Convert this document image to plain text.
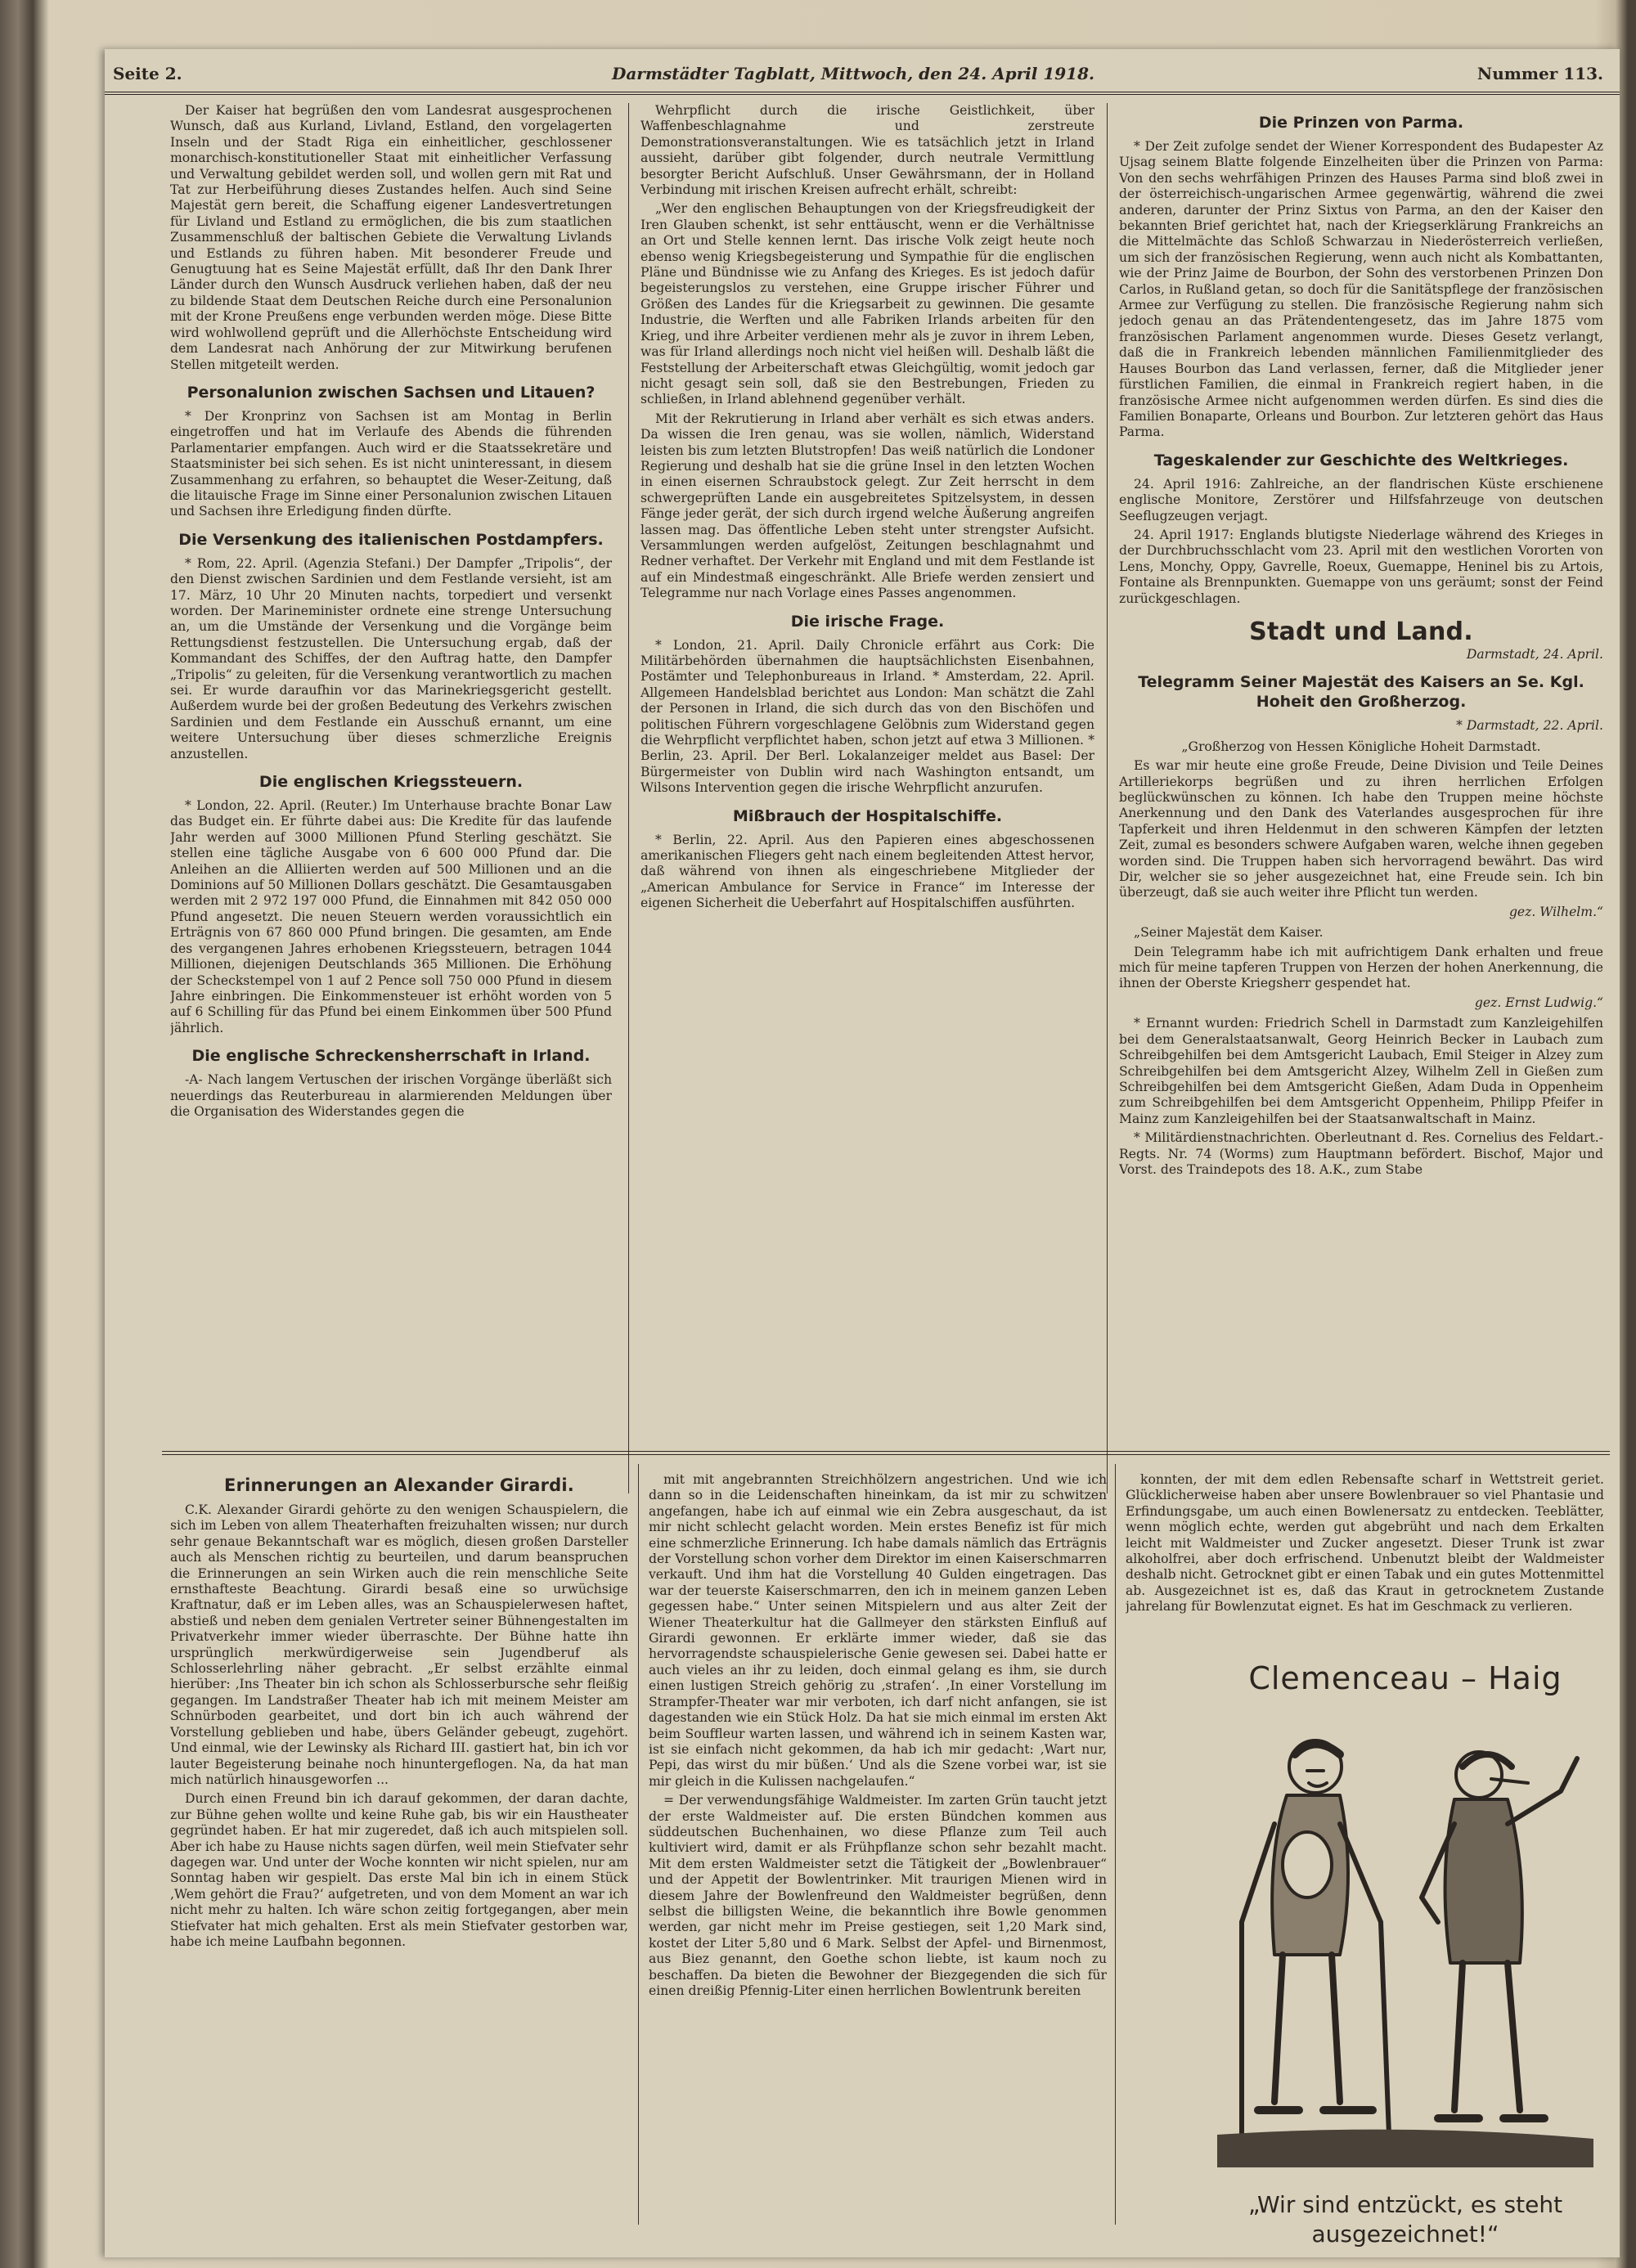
Seite 2.	Darmstädter Tagblatt, Mittwoch, den 24. April 1918.	Nummer 113.

Der Kaiser hat begrüßen den vom Landesrat ausgesprochenen Wunsch, daß aus Kurland, Livland, Estland, den vorgelagerten Inseln und der Stadt Riga ein einheitlicher, geschlossener monarchisch-konstitutioneller Staat mit einheitlicher Verfassung und Verwaltung gebildet werden soll, und wollen gern mit Rat und Tat zur Herbeiführung dieses Zustandes helfen. Auch sind Seine Majestät gern bereit, die Schaffung eigener Landesvertretungen für Livland und Estland zu ermöglichen, die bis zum staatlichen Zusammenschluß der baltischen Gebiete die Verwaltung Livlands und Estlands zu führen haben. Mit besonderer Freude und Genugtuung hat es Seine Majestät erfüllt, daß Ihr den Dank Ihrer Länder durch den Wunsch Ausdruck verliehen haben, daß der neu zu bildende Staat dem Deutschen Reiche durch eine Personalunion mit der Krone Preußens enge verbunden werden möge. Diese Bitte wird wohlwollend geprüft und die Allerhöchste Entscheidung wird dem Landesrat nach Anhörung der zur Mitwirkung berufenen Stellen mitgeteilt werden.

Personalunion zwischen Sachsen und Litauen?

* Der Kronprinz von Sachsen ist am Montag in Berlin eingetroffen und hat im Verlaufe des Abends die führenden Parlamentarier empfangen. Auch wird er die Staatssekretäre und Staatsminister bei sich sehen. Es ist nicht uninteressant, in diesem Zusammenhang zu erfahren, so behauptet die Weser-Zeitung, daß die litauische Frage im Sinne einer Personalunion zwischen Litauen und Sachsen ihre Erledigung finden dürfte.

Die Versenkung des italienischen Postdampfers.

* Rom, 22. April. (Agenzia Stefani.) Der Dampfer „Tripolis“, der den Dienst zwischen Sardinien und dem Festlande versieht, ist am 17. März, 10 Uhr 20 Minuten nachts, torpediert und versenkt worden. Der Marineminister ordnete eine strenge Untersuchung an, um die Umstände der Versenkung und die Vorgänge beim Rettungsdienst festzustellen. Die Untersuchung ergab, daß der Kommandant des Schiffes, der den Auftrag hatte, den Dampfer „Tripolis“ zu geleiten, für die Versenkung verantwortlich zu machen sei. Er wurde daraufhin vor das Marinekriegsgericht gestellt. Außerdem wurde bei der großen Bedeutung des Verkehrs zwischen Sardinien und dem Festlande ein Ausschuß ernannt, um eine weitere Untersuchung über dieses schmerzliche Ereignis anzustellen.

Die englischen Kriegssteuern.

* London, 22. April. (Reuter.) Im Unterhause brachte Bonar Law das Budget ein. Er führte dabei aus: Die Kredite für das laufende Jahr werden auf 3000 Millionen Pfund Sterling geschätzt. Sie stellen eine tägliche Ausgabe von 6 600 000 Pfund dar. Die Anleihen an die Alliierten werden auf 500 Millionen und an die Dominions auf 50 Millionen Dollars geschätzt. Die Gesamtausgaben werden mit 2 972 197 000 Pfund, die Einnahmen mit 842 050 000 Pfund angesetzt. Die neuen Steuern werden voraussichtlich ein Erträgnis von 67 860 000 Pfund bringen. Die gesamten, am Ende des vergangenen Jahres erhobenen Kriegssteuern, betragen 1044 Millionen, diejenigen Deutschlands 365 Millionen. Die Erhöhung der Scheckstempel von 1 auf 2 Pence soll 750 000 Pfund in diesem Jahre einbringen. Die Einkommensteuer ist erhöht worden von 5 auf 6 Schilling für das Pfund bei einem Einkommen über 500 Pfund jährlich.

Die englische Schreckensherrschaft in Irland.

-A- Nach langem Vertuschen der irischen Vorgänge überläßt sich neuerdings das Reuterbureau in alarmierenden Meldungen über die Organisation des Widerstandes gegen die

Wehrpflicht durch die irische Geistlichkeit, über Waffenbeschlagnahme und zerstreute Demonstrationsveranstaltungen. Wie es tatsächlich jetzt in Irland aussieht, darüber gibt folgender, durch neutrale Vermittlung besorgter Bericht Aufschluß. Unser Gewährsmann, der in Holland Verbindung mit irischen Kreisen aufrecht erhält, schreibt:

„Wer den englischen Behauptungen von der Kriegsfreudigkeit der Iren Glauben schenkt, ist sehr enttäuscht, wenn er die Verhältnisse an Ort und Stelle kennen lernt. Das irische Volk zeigt heute noch ebenso wenig Kriegsbegeisterung und Sympathie für die englischen Pläne und Bündnisse wie zu Anfang des Krieges. Es ist jedoch dafür begeisterungslos zu verstehen, eine Gruppe irischer Führer und Größen des Landes für die Kriegsarbeit zu gewinnen. Die gesamte Industrie, die Werften und alle Fabriken Irlands arbeiten für den Krieg, und ihre Arbeiter verdienen mehr als je zuvor in ihrem Leben, was für Irland allerdings noch nicht viel heißen will. Deshalb läßt die Feststellung der Arbeiterschaft etwas Gleichgültig, womit jedoch gar nicht gesagt sein soll, daß sie den Bestrebungen, Frieden zu schließen, in Irland ablehnend gegenüber verhält.

Mit der Rekrutierung in Irland aber verhält es sich etwas anders. Da wissen die Iren genau, was sie wollen, nämlich, Widerstand leisten bis zum letzten Blutstropfen! Das weiß natürlich die Londoner Regierung und deshalb hat sie die grüne Insel in den letzten Wochen in einen eisernen Schraubstock gelegt. Zur Zeit herrscht in dem schwergeprüften Lande ein ausgebreitetes Spitzelsystem, in dessen Fänge jeder gerät, der sich durch irgend welche Äußerung angreifen lassen mag. Das öffentliche Leben steht unter strengster Aufsicht. Versammlungen werden aufgelöst, Zeitungen beschlagnahmt und Redner verhaftet. Der Verkehr mit England und mit dem Festlande ist auf ein Mindestmaß eingeschränkt. Alle Briefe werden zensiert und Telegramme nur nach Vorlage eines Passes angenommen.

Die irische Frage.

* London, 21. April. Daily Chronicle erfährt aus Cork: Die Militärbehörden übernahmen die hauptsächlichsten Eisenbahnen, Postämter und Telephonbureaus in Irland. * Amsterdam, 22. April. Allgemeen Handelsblad berichtet aus London: Man schätzt die Zahl der Personen in Irland, die sich durch das von den Bischöfen und politischen Führern vorgeschlagene Gelöbnis zum Widerstand gegen die Wehrpflicht verpflichtet haben, schon jetzt auf etwa 3 Millionen. * Berlin, 23. April. Der Berl. Lokalanzeiger meldet aus Basel: Der Bürgermeister von Dublin wird nach Washington entsandt, um Wilsons Intervention gegen die irische Wehrpflicht anzurufen.

Mißbrauch der Hospitalschiffe.

* Berlin, 22. April. Aus den Papieren eines abgeschossenen amerikanischen Fliegers geht nach einem begleitenden Attest hervor, daß während von ihnen als eingeschriebene Mitglieder der „American Ambulance for Service in France“ im Interesse der eigenen Sicherheit die Ueberfahrt auf Hospitalschiffen ausführten.

Die Prinzen von Parma.

* Der Zeit zufolge sendet der Wiener Korrespondent des Budapester Az Ujsag seinem Blatte folgende Einzelheiten über die Prinzen von Parma: Von den sechs wehrfähigen Prinzen des Hauses Parma sind bloß zwei in der österreichisch-ungarischen Armee gegenwärtig, während die zwei anderen, darunter der Prinz Sixtus von Parma, an den der Kaiser den bekannten Brief gerichtet hat, nach der Kriegserklärung Frankreichs an die Mittelmächte das Schloß Schwarzau in Niederösterreich verließen, um sich der französischen Regierung, wenn auch nicht als Kombattanten, wie der Prinz Jaime de Bourbon, der Sohn des verstorbenen Prinzen Don Carlos, in Rußland getan, so doch für die Sanitätspflege der französischen Armee zur Verfügung zu stellen. Die französische Regierung nahm sich jedoch genau an das Prätendentengesetz, das im Jahre 1875 vom französischen Parlament angenommen wurde. Dieses Gesetz verlangt, daß die in Frankreich lebenden männlichen Familienmitglieder des Hauses Bourbon das Land verlassen, ferner, daß die Mitglieder jener fürstlichen Familien, die einmal in Frankreich regiert haben, in die französische Armee nicht aufgenommen werden dürfen. Es sind dies die Familien Bonaparte, Orleans und Bourbon. Zur letzteren gehört das Haus Parma.

Tageskalender zur Geschichte des Weltkrieges.

24. April 1916: Zahlreiche, an der flandrischen Küste erschienene englische Monitore, Zerstörer und Hilfsfahrzeuge von deutschen Seeflugzeugen verjagt.

24. April 1917: Englands blutigste Niederlage während des Krieges in der Durchbruchsschlacht vom 23. April mit den westlichen Vororten von Lens, Monchy, Oppy, Gavrelle, Roeux, Guemappe, Heninel bis zu Artois, Fontaine als Brennpunkten. Guemappe von uns geräumt; sonst der Feind zurückgeschlagen.

Stadt und Land.
Darmstadt, 24. April.
Telegramm Seiner Majestät des Kaisers an Se. Kgl. Hoheit den Großherzog.
* Darmstadt, 22. April.

„Großherzog von Hessen Königliche Hoheit Darmstadt.

Es war mir heute eine große Freude, Deine Division und Teile Deines Artilleriekorps begrüßen und zu ihren herrlichen Erfolgen beglückwünschen zu können. Ich habe den Truppen meine höchste Anerkennung und den Dank des Vaterlandes ausgesprochen für ihre Tapferkeit und ihren Heldenmut in den schweren Kämpfen der letzten Zeit, zumal es besonders schwere Aufgaben waren, welche ihnen gegeben worden sind. Die Truppen haben sich hervorragend bewährt. Das wird Dir, welcher sie so jeher ausgezeichnet hat, eine Freude sein. Ich bin überzeugt, daß sie auch weiter ihre Pflicht tun werden.

gez. Wilhelm.“

„Seiner Majestät dem Kaiser.

Dein Telegramm habe ich mit aufrichtigem Dank erhalten und freue mich für meine tapferen Truppen von Herzen der hohen Anerkennung, die ihnen der Oberste Kriegsherr gespendet hat.

gez. Ernst Ludwig.“

* Ernannt wurden: Friedrich Schell in Darmstadt zum Kanzleigehilfen bei dem Generalstaatsanwalt, Georg Heinrich Becker in Laubach zum Schreibgehilfen bei dem Amtsgericht Laubach, Emil Steiger in Alzey zum Schreibgehilfen bei dem Amtsgericht Alzey, Wilhelm Zell in Gießen zum Schreibgehilfen bei dem Amtsgericht Gießen, Adam Duda in Oppenheim zum Schreibgehilfen bei dem Amtsgericht Oppenheim, Philipp Pfeifer in Mainz zum Kanzleigehilfen bei der Staatsanwaltschaft in Mainz.

* Militärdienstnachrichten. Oberleutnant d. Res. Cornelius des Feldart.-Regts. Nr. 74 (Worms) zum Hauptmann befördert. Bischof, Major und Vorst. des Traindepots des 18. A.K., zum Stabe

Erinnerungen an Alexander Girardi.

C.K. Alexander Girardi gehörte zu den wenigen Schauspielern, die sich im Leben von allem Theaterhaften freizuhalten wissen; nur durch sehr genaue Bekanntschaft war es möglich, diesen großen Darsteller auch als Menschen richtig zu beurteilen, und darum beanspruchen die Erinnerungen an sein Wirken auch die rein menschliche Seite ernsthafteste Beachtung. Girardi besaß eine so urwüchsige Kraftnatur, daß er im Leben alles, was an Schauspielerwesen haftet, abstieß und neben dem genialen Vertreter seiner Bühnengestalten im Privatverkehr immer wieder überraschte. Der Bühne hatte ihn ursprünglich merkwürdigerweise sein Jugendberuf als Schlosserlehrling näher gebracht. „Er selbst erzählte einmal hierüber: ‚Ins Theater bin ich schon als Schlosserbursche sehr fleißig gegangen. Im Landstraßer Theater hab ich mit meinem Meister am Schnürboden gearbeitet, und dort bin ich auch während der Vorstellung geblieben und habe, übers Geländer gebeugt, zugehört. Und einmal, wie der Lewinsky als Richard III. gastiert hat, bin ich vor lauter Begeisterung beinahe noch hinuntergeflogen. Na, da hat man mich natürlich hinausgeworfen ...

Durch einen Freund bin ich darauf gekommen, der daran dachte, zur Bühne gehen wollte und keine Ruhe gab, bis wir ein Haustheater gegründet haben. Er hat mir zugeredet, daß ich auch mitspielen soll. Aber ich habe zu Hause nichts sagen dürfen, weil mein Stiefvater sehr dagegen war. Und unter der Woche konnten wir nicht spielen, nur am Sonntag haben wir gespielt. Das erste Mal bin ich in einem Stück ‚Wem gehört die Frau?‘ aufgetreten, und von dem Moment an war ich nicht mehr zu halten. Ich wäre schon zeitig fortgegangen, aber mein Stiefvater hat mich gehalten. Erst als mein Stiefvater gestorben war, habe ich meine Laufbahn begonnen.

mit mit angebrannten Streichhölzern angestrichen. Und wie ich dann so in die Leidenschaften hineinkam, da ist mir zu schwitzen angefangen, habe ich auf einmal wie ein Zebra ausgeschaut, da ist mir nicht schlecht gelacht worden. Mein erstes Benefiz ist für mich eine schmerzliche Erinnerung. Ich habe damals nämlich das Erträgnis der Vorstellung schon vorher dem Direktor im einen Kaiserschmarren verkauft. Und ihm hat die Vorstellung 40 Gulden eingetragen. Das war der teuerste Kaiserschmarren, den ich in meinem ganzen Leben gegessen habe.“ Unter seinen Mitspielern und aus alter Zeit der Wiener Theaterkultur hat die Gallmeyer den stärksten Einfluß auf Girardi gewonnen. Er erklärte immer wieder, daß sie das hervorragendste schauspielerische Genie gewesen sei. Dabei hatte er auch vieles an ihr zu leiden, doch einmal gelang es ihm, sie durch einen lustigen Streich gehörig zu ‚strafen‘. ‚In einer Vorstellung im Strampfer-Theater war mir verboten, ich darf nicht anfangen, sie ist dagestanden wie ein Stück Holz. Da hat sie mich einmal im ersten Akt beim Souffleur warten lassen, und während ich in seinem Kasten war, ist sie einfach nicht gekommen, da hab ich mir gedacht: ‚Wart nur, Pepi, das wirst du mir büßen.‘ Und als die Szene vorbei war, ist sie mir gleich in die Kulissen nachgelaufen.“

= Der verwendungsfähige Waldmeister. Im zarten Grün taucht jetzt der erste Waldmeister auf. Die ersten Bündchen kommen aus süddeutschen Buchenhainen, wo diese Pflanze zum Teil auch kultiviert wird, damit er als Frühpflanze schon sehr bezahlt macht. Mit dem ersten Waldmeister setzt die Tätigkeit der „Bowlenbrauer“ und der Appetit der Bowlentrinker. Mit traurigen Mienen wird in diesem Jahre der Bowlenfreund den Waldmeister begrüßen, denn selbst die billigsten Weine, die bekanntlich ihre Bowle genommen werden, gar nicht mehr im Preise gestiegen, seit 1,20 Mark sind, kostet der Liter 5,80 und 6 Mark. Selbst der Apfel- und Birnenmost, aus Biez genannt, den Goethe schon liebte, ist kaum noch zu beschaffen. Da bieten die Bewohner der Biezgegenden die sich für einen dreißig Pfennig-Liter einen herrlichen Bowlentrunk bereiten

konnten, der mit dem edlen Rebensafte scharf in Wettstreit geriet. Glücklicherweise haben aber unsere Bowlenbrauer so viel Phantasie und Erfindungsgabe, um auch einen Bowlenersatz zu entdecken. Teeblätter, wenn möglich echte, werden gut abgebrüht und nach dem Erkalten leicht mit Waldmeister und Zucker angesetzt. Dieser Trunk ist zwar alkoholfrei, aber doch erfrischend. Unbenutzt bleibt der Waldmeister deshalb nicht. Getrocknet gibt er einen Tabak und ein gutes Mottenmittel ab. Ausgezeichnet ist es, daß das Kraut in getrocknetem Zustande jahrelang für Bowlenzutat eignet. Es hat im Geschmack zu verlieren.

Clemenceau – Haig
„Wir sind entzückt, es steht ausgezeichnet!“
